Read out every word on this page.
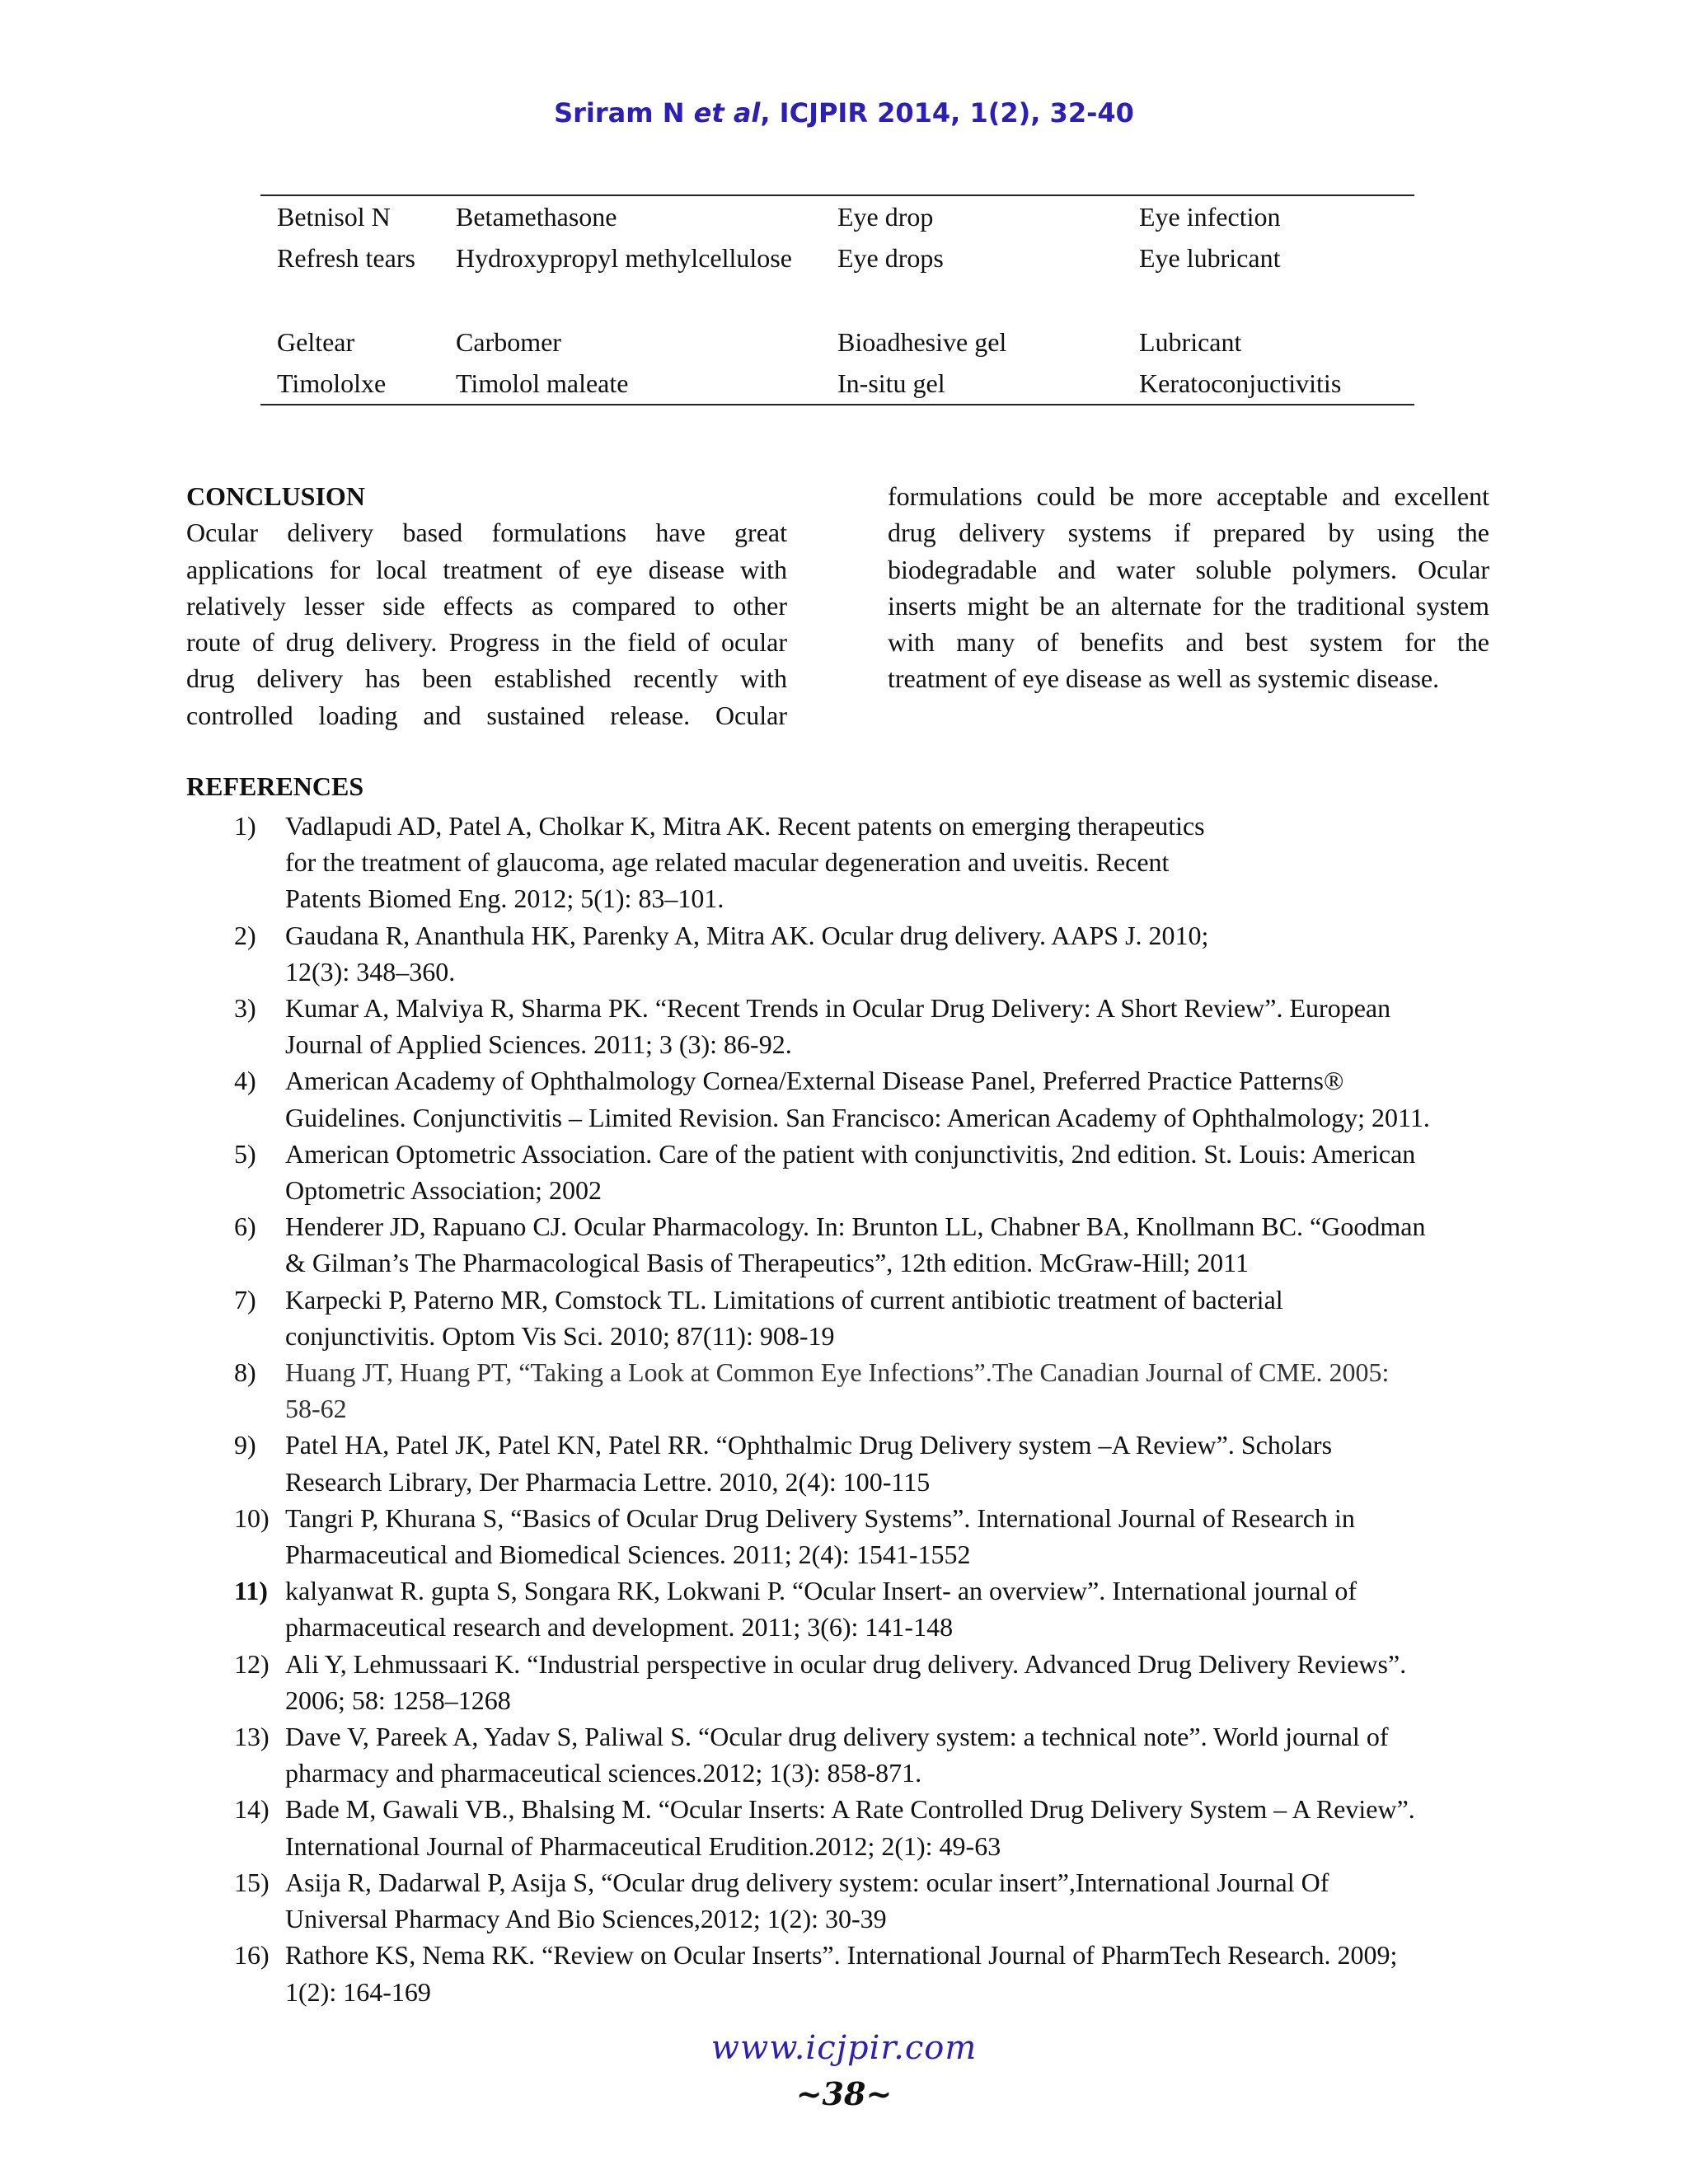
Sriram N et al, ICJPIR 2014, 1(2), 32-40
Betnisol N	Betamethasone	Eye drop	Eye infection
Refresh tears	Hydroxypropyl methylcellulose	Eye drops	Eye lubricant

Geltear	Carbomer	Bioadhesive gel	Lubricant
Timololxe	Timolol maleate	In-situ gel	Keratoconjuctivitis
CONCLUSION
Ocular delivery based formulations have great
applications for local treatment of eye disease with
relatively lesser side effects as compared to other
route of drug delivery. Progress in the field of ocular
drug delivery has been established recently with
controlled loading and sustained release. Ocular
formulations could be more acceptable and excellent
drug delivery systems if prepared by using the
biodegradable and water soluble polymers. Ocular
inserts might be an alternate for the traditional system
with many of benefits and best system for the
treatment of eye disease as well as systemic disease.
REFERENCES
1)	Vadlapudi AD, Patel A, Cholkar K, Mitra AK. Recent patents on emerging therapeutics
for the treatment of glaucoma, age related macular degeneration and uveitis. Recent
Patents Biomed Eng. 2012; 5(1): 83–101.
2)	Gaudana R, Ananthula HK, Parenky A, Mitra AK. Ocular drug delivery. AAPS J. 2010;
12(3): 348–360.
3)	Kumar A, Malviya R, Sharma PK. “Recent Trends in Ocular Drug Delivery: A Short Review”. European
Journal of Applied Sciences. 2011; 3 (3): 86-92.
4)	American Academy of Ophthalmology Cornea/External Disease Panel, Preferred Practice Patterns®
Guidelines. Conjunctivitis – Limited Revision. San Francisco: American Academy of Ophthalmology; 2011.
5)	American Optometric Association. Care of the patient with conjunctivitis, 2nd edition. St. Louis: American
Optometric Association; 2002
6)	Henderer JD, Rapuano CJ. Ocular Pharmacology. In: Brunton LL, Chabner BA, Knollmann BC. “Goodman
& Gilman’s The Pharmacological Basis of Therapeutics”, 12th edition. McGraw-Hill; 2011
7)	Karpecki P, Paterno MR, Comstock TL. Limitations of current antibiotic treatment of bacterial
conjunctivitis. Optom Vis Sci. 2010; 87(11): 908-19
8)	Huang JT, Huang PT, “Taking a Look at Common Eye Infections”.The Canadian Journal of CME. 2005:
58-62
9)	Patel HA, Patel JK, Patel KN, Patel RR. “Ophthalmic Drug Delivery system –A Review”. Scholars
Research Library, Der Pharmacia Lettre. 2010, 2(4): 100-115
10) Tangri P, Khurana S, “Basics of Ocular Drug Delivery Systems”. International Journal of Research in
Pharmaceutical and Biomedical Sciences. 2011; 2(4): 1541-1552
11) kalyanwat R. gupta S, Songara RK, Lokwani P. “Ocular Insert- an overview”. International journal of
pharmaceutical research and development. 2011; 3(6): 141-148
12) Ali Y, Lehmussaari K. “Industrial perspective in ocular drug delivery. Advanced Drug Delivery Reviews”.
2006; 58: 1258–1268
13) Dave V, Pareek A, Yadav S, Paliwal S. “Ocular drug delivery system: a technical note”. World journal of
pharmacy and pharmaceutical sciences.2012; 1(3): 858-871.
14) Bade M, Gawali VB., Bhalsing M. “Ocular Inserts: A Rate Controlled Drug Delivery System – A Review”.
International Journal of Pharmaceutical Erudition.2012; 2(1): 49-63
15) Asija R, Dadarwal P, Asija S, “Ocular drug delivery system: ocular insert”,International Journal Of
Universal Pharmacy And Bio Sciences,2012; 1(2): 30-39
16) Rathore KS, Nema RK. “Review on Ocular Inserts”. International Journal of PharmTech Research. 2009;
1(2): 164-169
www.icjpir.com
~38~
